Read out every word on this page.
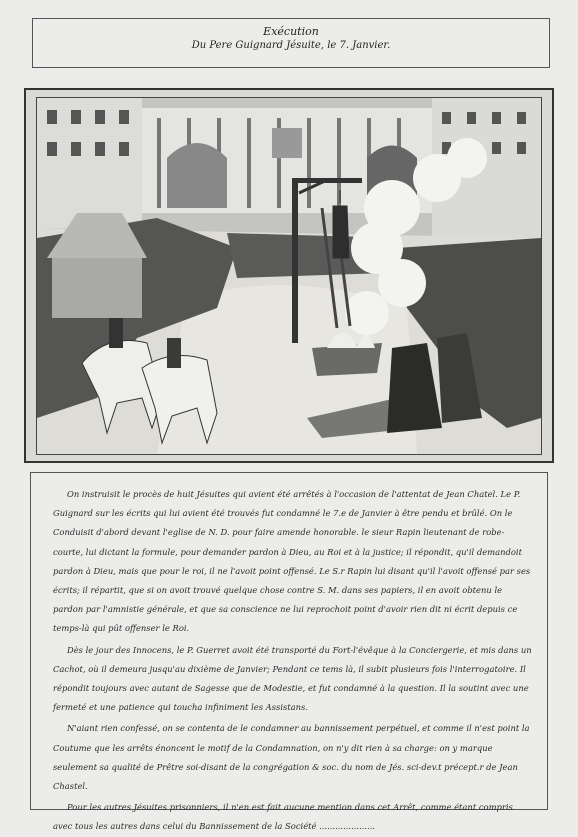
Exécution
Du Pere Guignard Jésuite, le 7. Janvier.

On instruisit le procès de huit Jésuites qui avient été arrêtés à l'occasion de l'attentat de Jean Chatel. Le P. Guignard sur les écrits qui lui avient été trouvés fut condamné le 7.e de Janvier à être pendu et brûlé. On le Conduisit d'abord devant l'eglise de N. D. pour faire amende honorable. le sieur Rapin lieutenant de robe-courte, lui dictant la formule, pour demander pardon à Dieu, au Roi et à la justice; il répondit, qu'il demandoit pardon à Dieu, mais que pour le roi, il ne l'avoit point offensé. Le S.r Rapin lui disant qu'il l'avoit offensé par ses écrits; il répartit, que si on avoit trouvé quelque chose contre S. M. dans ses papiers, il en avoit obtenu le pardon par l'amnistie générale, et que sa conscience ne lui reprochoit point d'avoir rien dit ni écrit depuis ce temps-là qui pût offenser le Roi.

Dès le jour des Innocens, le P. Guerret avoit été transporté du Fort-l'évêque à la Conciergerie, et mis dans un Cachot, où il demeura jusqu'au dixième de Janvier; Pendant ce tems là, il subit plusieurs fois l'interrogatoire. Il répondit toujours avec autant de Sagesse que de Modestie, et fut condamné à la question. Il la soutint avec une fermeté et une patience qui toucha infiniment les Assistans.

N'aiant rien confessé, on se contenta de le condamner au bannissement perpétuel, et comme il n'est point la Coutume que les arrêts énoncent le motif de la Condamnation, on n'y dit rien à sa charge: on y marque seulement sa qualité de Prêtre soi-disant de la congrégation & soc. du nom de Jés. sci-dev.t précept.r de Jean Chastel.

Pour les autres Jésuites prisonniers, il n'en est fait aucune mention dans cet Arrêt, comme étant compris avec tous les autres dans celui du Bannissement de la Société .....................
